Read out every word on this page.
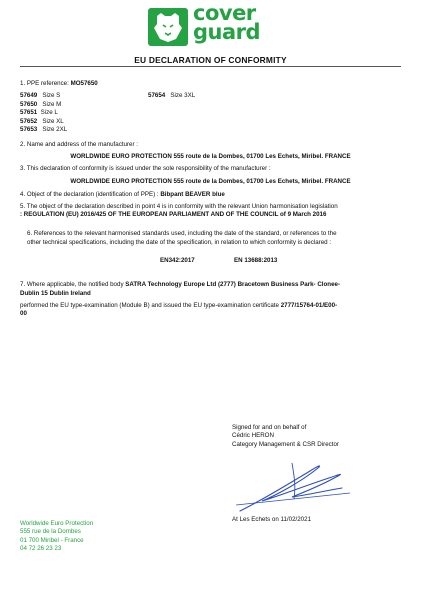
cover
guard
EU DECLARATION OF CONFORMITY
1. PPE reference: MO57650
57649 Size S
57650 Size M
57651 Size L
57652 Size XL
57653 Size 2XL
57654 Size 3XL
2. Name and address of the manufacturer :
WORLDWIDE EURO PROTECTION 555 route de la Dombes, 01700 Les Echets, Miribel. FRANCE
3. This declaration of conformity is issued under the sole responsibility of the manufacturer :
WORLDWIDE EURO PROTECTION 555 route de la Dombes, 01700 Les Echets, Miribel. FRANCE
4. Object of the declaration (identification of PPE) : Bibpant BEAVER blue
5. The object of the declaration described in point 4 is in conformity with the relevant Union harmonisation legislation
: REGULATION (EU) 2016/425 OF THE EUROPEAN PARLIAMENT AND OF THE COUNCIL of 9 March 2016
6. References to the relevant harmonised standards used, including the date of the standard, or references to the
other technical specifications, including the date of the specification, in relation to which conformity is declared :
EN342:2017	EN 13688:2013
7. Where applicable, the notified body SATRA Technology Europe Ltd (2777) Bracetown Business Park- Clonee-
Dublin 15 Dublin Ireland
performed the EU type-examination (Module B) and issued the EU type-examination certificate 2777/15764-01/E00-
00
Signed for and on behalf of
Cédric HERON
Category Management & CSR Director
At Les Echets on 11/02/2021
Worldwide Euro Protection
555 rue de la Dombes
01 700 Miribel - France
04 72 26 23 23
